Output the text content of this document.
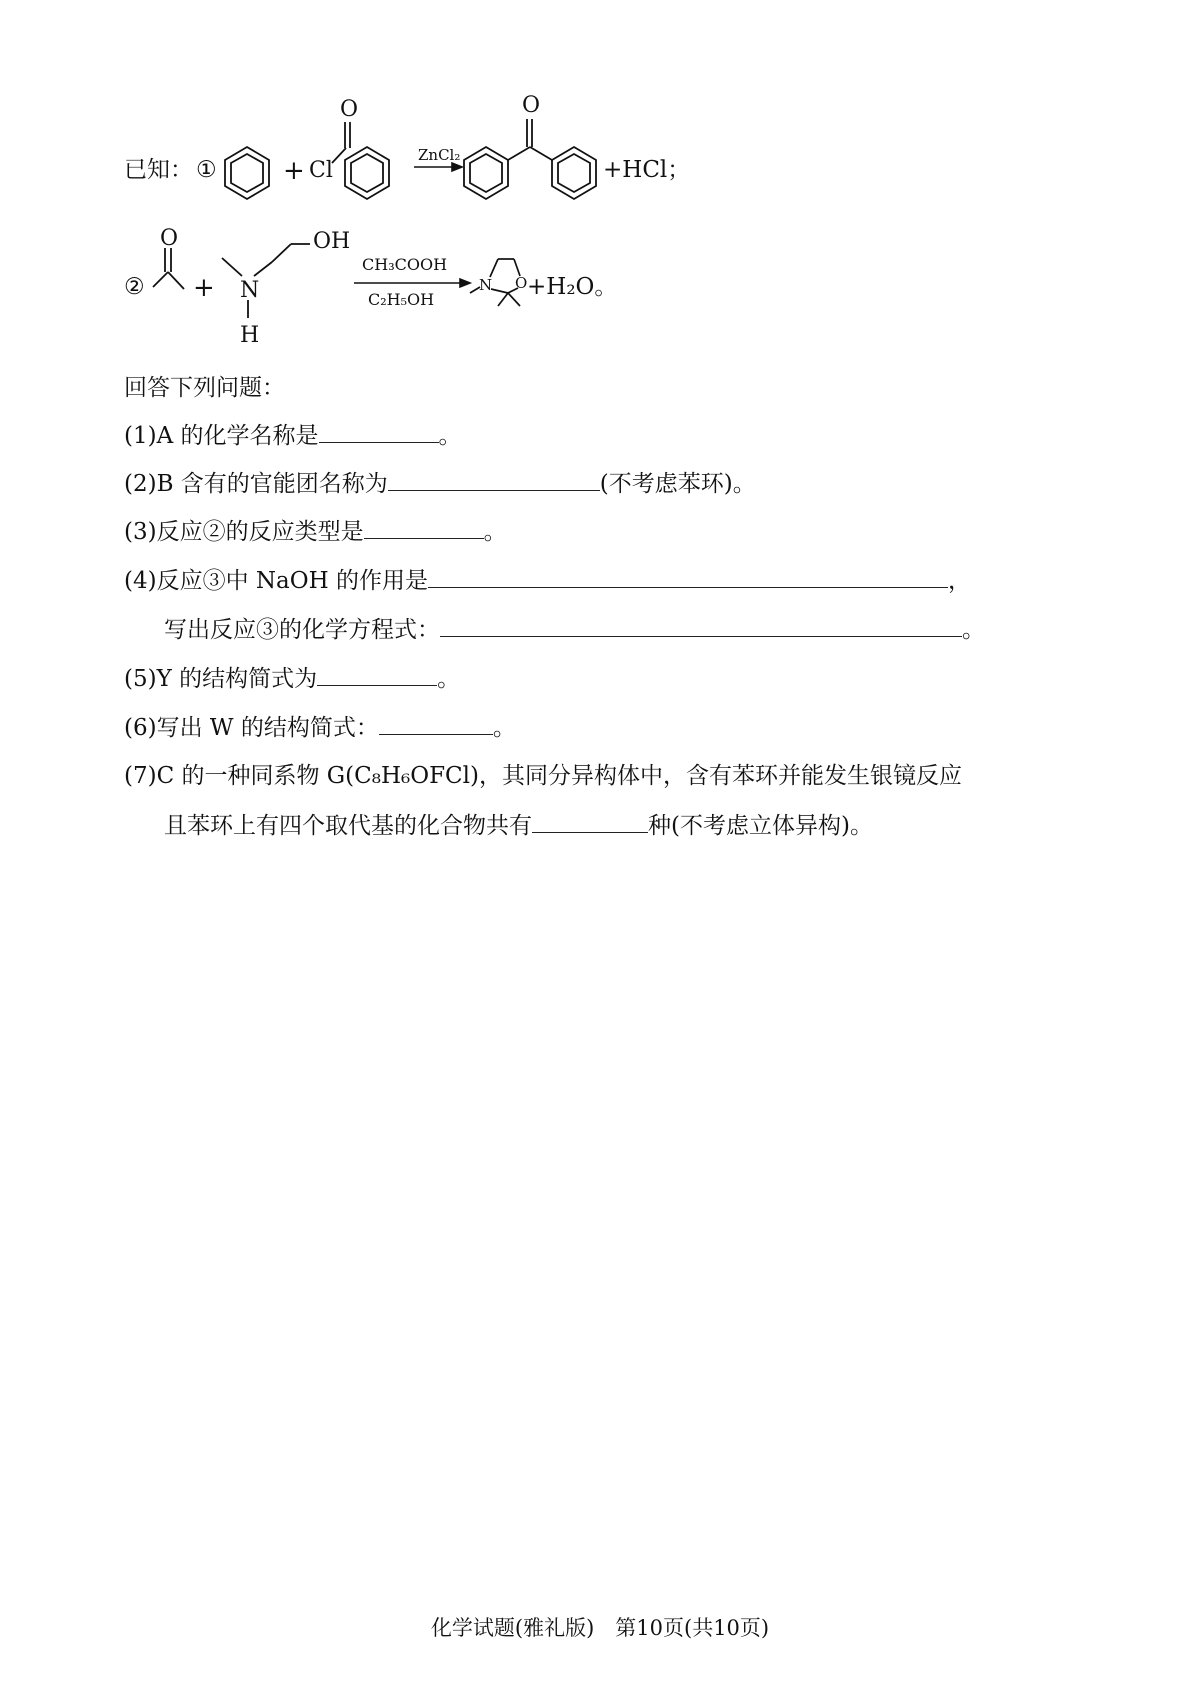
已知： ①	+ Cl
O
ZnCl₂
O
+HCl；
②
O
+ N
H
OH
CH₃COOH
C₂H₅OH
N O +H₂O。
回答下列问题：
(1)A 的化学名称是	。
(2)B 含有的官能团名称为	(不考虑苯环)。
(3)反应②的反应类型是	。
(4)反应③中 NaOH 的作用是	，
写出反应③的化学方程式：	。
(5)Y 的结构简式为	。
(6)写出 W 的结构简式：	。
(7)C 的一种同系物 G(C₈H₆OFCl)，其同分异构体中，含有苯环并能发生银镜反应
且苯环上有四个取代基的化合物共有	种(不考虑立体异构)。
化学试题(雅礼版)　第10页(共10页)
